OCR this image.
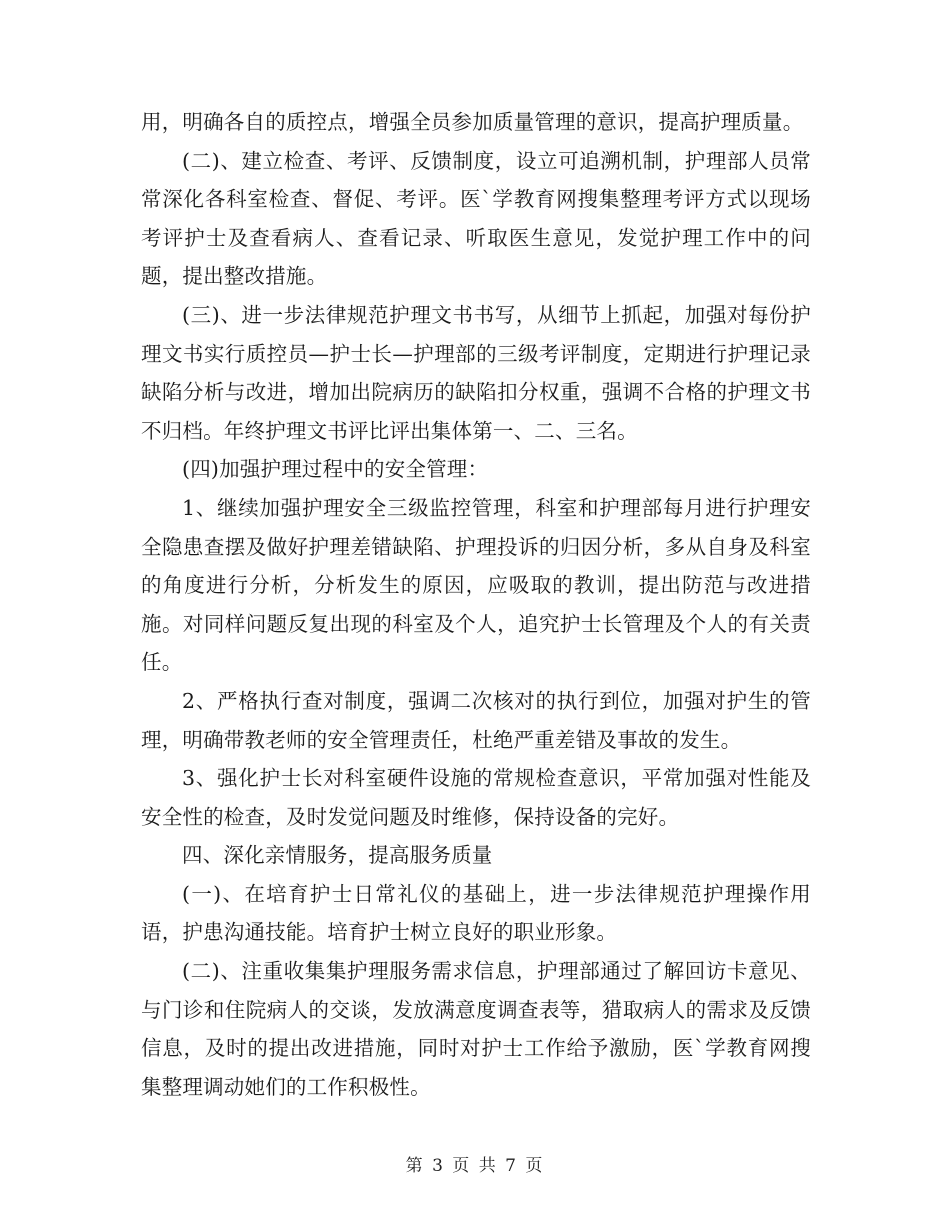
用，明确各自的质控点，增强全员参加质量管理的意识，提高护理质量。

(二)、建立检查、考评、反馈制度，设立可追溯机制，护理部人员常常深化各科室检查、督促、考评。医`学教育网搜集整理考评方式以现场考评护士及查看病人、查看记录、听取医生意见，发觉护理工作中的问题，提出整改措施。

(三)、进一步法律规范护理文书书写，从细节上抓起，加强对每份护理文书实行质控员—护士长—护理部的三级考评制度，定期进行护理记录缺陷分析与改进，增加出院病历的缺陷扣分权重，强调不合格的护理文书不归档。年终护理文书评比评出集体第一、二、三名。

(四)加强护理过程中的安全管理：

1、继续加强护理安全三级监控管理，科室和护理部每月进行护理安全隐患查摆及做好护理差错缺陷、护理投诉的归因分析，多从自身及科室的角度进行分析，分析发生的原因，应吸取的教训，提出防范与改进措施。对同样问题反复出现的科室及个人，追究护士长管理及个人的有关责任。

2、严格执行查对制度，强调二次核对的执行到位，加强对护生的管理，明确带教老师的安全管理责任，杜绝严重差错及事故的发生。

3、强化护士长对科室硬件设施的常规检查意识，平常加强对性能及安全性的检查，及时发觉问题及时维修，保持设备的完好。

四、深化亲情服务，提高服务质量

(一)、在培育护士日常礼仪的基础上，进一步法律规范护理操作用语，护患沟通技能。培育护士树立良好的职业形象。

(二)、注重收集集护理服务需求信息，护理部通过了解回访卡意见、与门诊和住院病人的交谈，发放满意度调查表等，猎取病人的需求及反馈信息，及时的提出改进措施，同时对护士工作给予激励，医`学教育网搜集整理调动她们的工作积极性。

第 3 页 共 7 页
